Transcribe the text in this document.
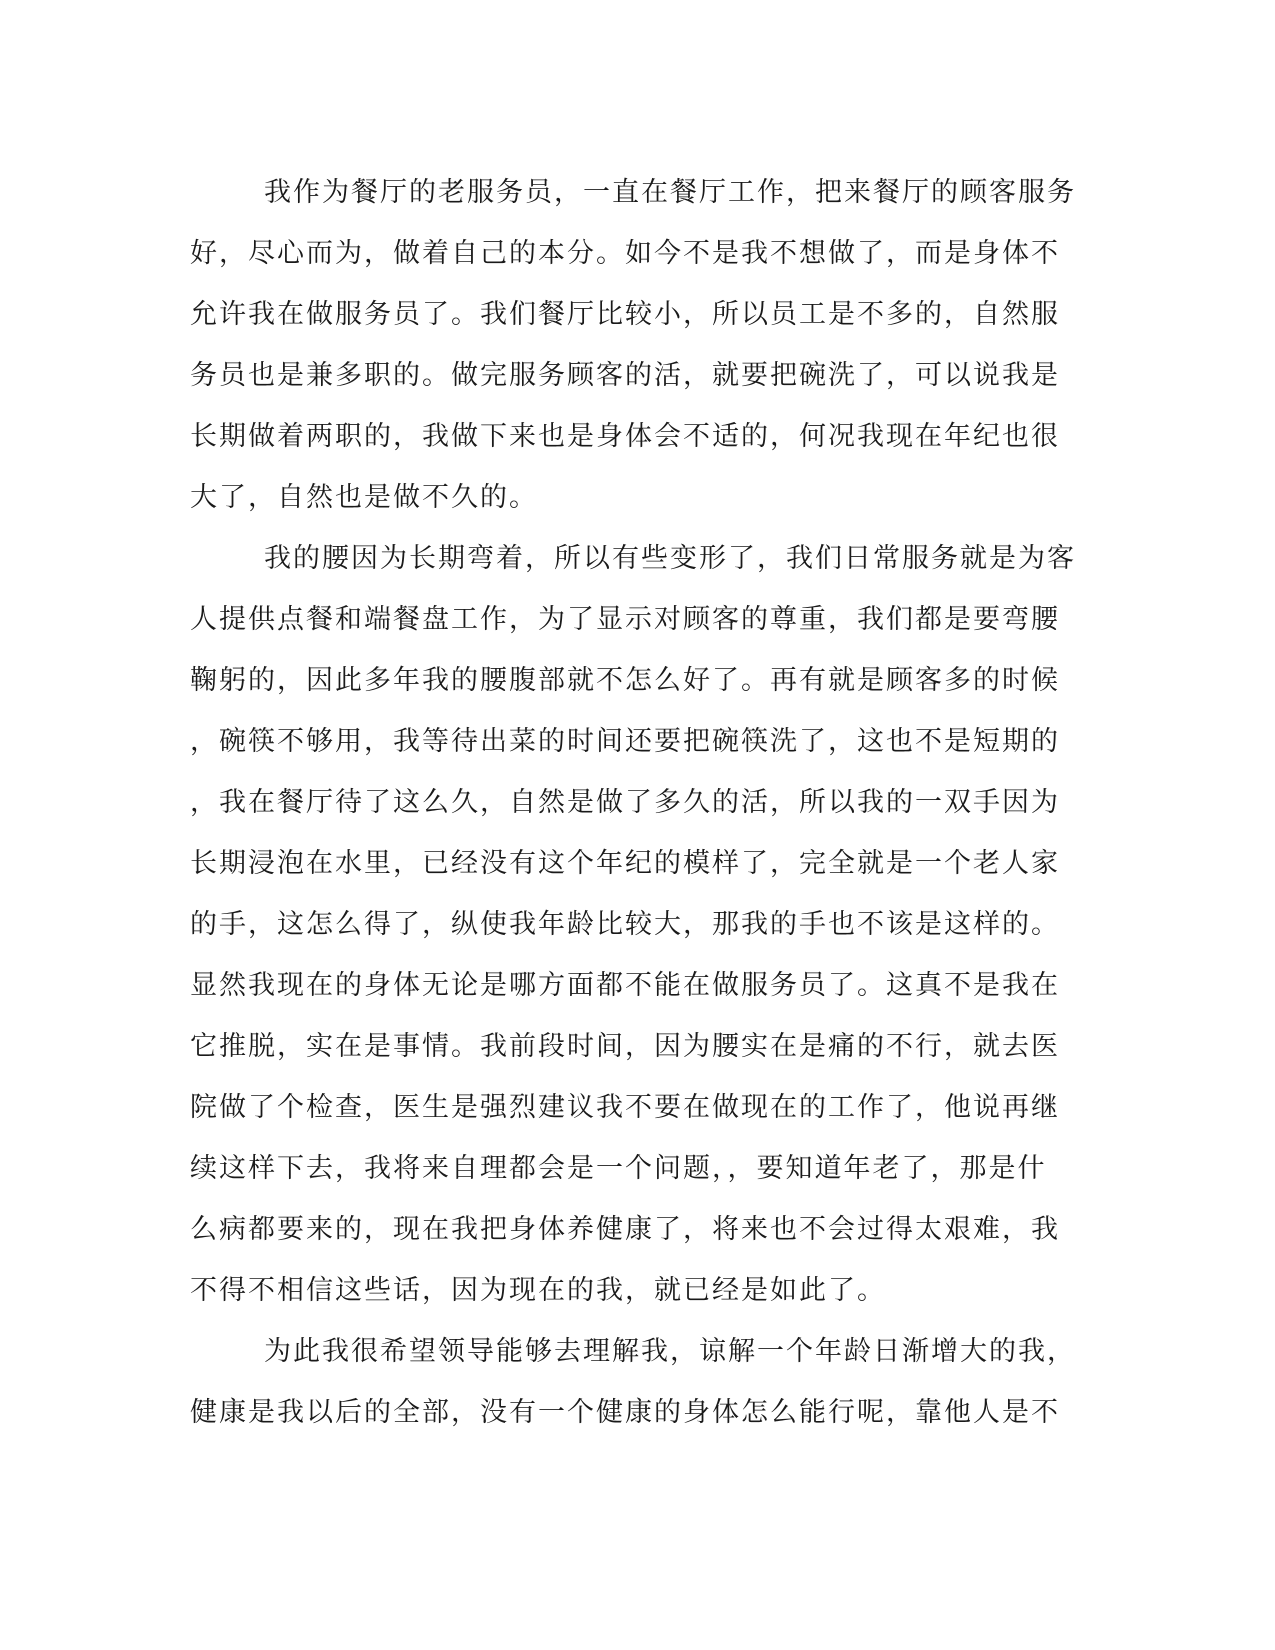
我作为餐厅的老服务员，一直在餐厅工作，把来餐厅的顾客服务
好，尽心而为，做着自己的本分。如今不是我不想做了，而是身体不
允许我在做服务员了。我们餐厅比较小，所以员工是不多的，自然服
务员也是兼多职的。做完服务顾客的活，就要把碗洗了，可以说我是
长期做着两职的，我做下来也是身体会不适的，何况我现在年纪也很
大了，自然也是做不久的。
我的腰因为长期弯着，所以有些变形了，我们日常服务就是为客
人提供点餐和端餐盘工作，为了显示对顾客的尊重，我们都是要弯腰
鞠躬的，因此多年我的腰腹部就不怎么好了。再有就是顾客多的时候
，碗筷不够用，我等待出菜的时间还要把碗筷洗了，这也不是短期的
，我在餐厅待了这么久，自然是做了多久的活，所以我的一双手因为
长期浸泡在水里，已经没有这个年纪的模样了，完全就是一个老人家
的手，这怎么得了，纵使我年龄比较大，那我的手也不该是这样的。
显然我现在的身体无论是哪方面都不能在做服务员了。这真不是我在
它推脱，实在是事情。我前段时间，因为腰实在是痛的不行，就去医
院做了个检查，医生是强烈建议我不要在做现在的工作了，他说再继
续这样下去，我将来自理都会是一个问题，，要知道年老了，那是什
么病都要来的，现在我把身体养健康了，将来也不会过得太艰难，我
不得不相信这些话，因为现在的我，就已经是如此了。
为此我很希望领导能够去理解我，谅解一个年龄日渐增大的我，
健康是我以后的全部，没有一个健康的身体怎么能行呢，靠他人是不
